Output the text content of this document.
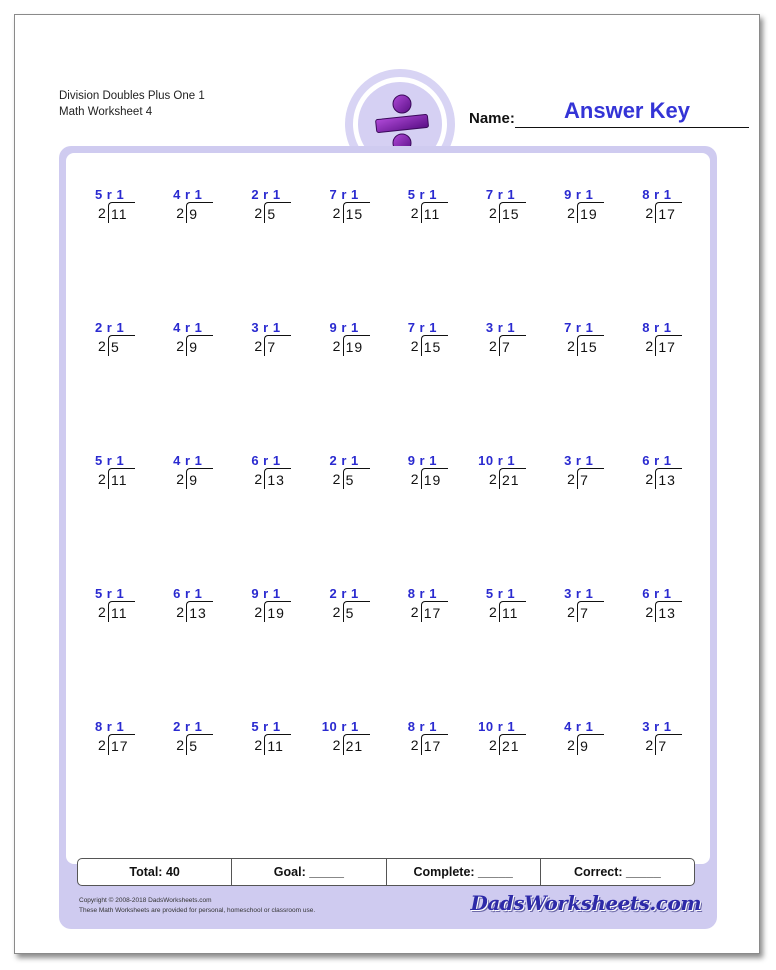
Division Doubles Plus One 1
Math Worksheet 4	Name:	Answer Key
5 r 1
2 11
4 r 1
2 9
2 r 1
2 5
7 r 1
2 15
5 r 1
2 11
7 r 1
2 15
9 r 1
2 19
8 r 1
2 17
2 r 1
2 5
4 r 1
2 9
3 r 1
2 7
9 r 1
2 19
7 r 1
2 15
3 r 1
2 7
7 r 1
2 15
8 r 1
2 17
5 r 1
2 11
4 r 1
2 9
6 r 1
2 13
2 r 1
2 5
9 r 1
2 19
10 r 1
2 21
3 r 1
2 7
6 r 1
2 13
5 r 1
2 11
6 r 1
2 13
9 r 1
2 19
2 r 1
2 5
8 r 1
2 17
5 r 1
2 11
3 r 1
2 7
6 r 1
2 13
8 r 1
2 17
2 r 1
2 5
5 r 1
2 11
10 r 1
2 21
8 r 1
2 17
10 r 1
2 21
4 r 1
2 9
3 r 1
2 7
Total: 40	Goal: _____	Complete: _____	Correct: _____
Copyright © 2008-2018 DadsWorksheets.com
These Math Worksheets are provided for personal, homeschool or classroom use.	DadsWorksheets.com
